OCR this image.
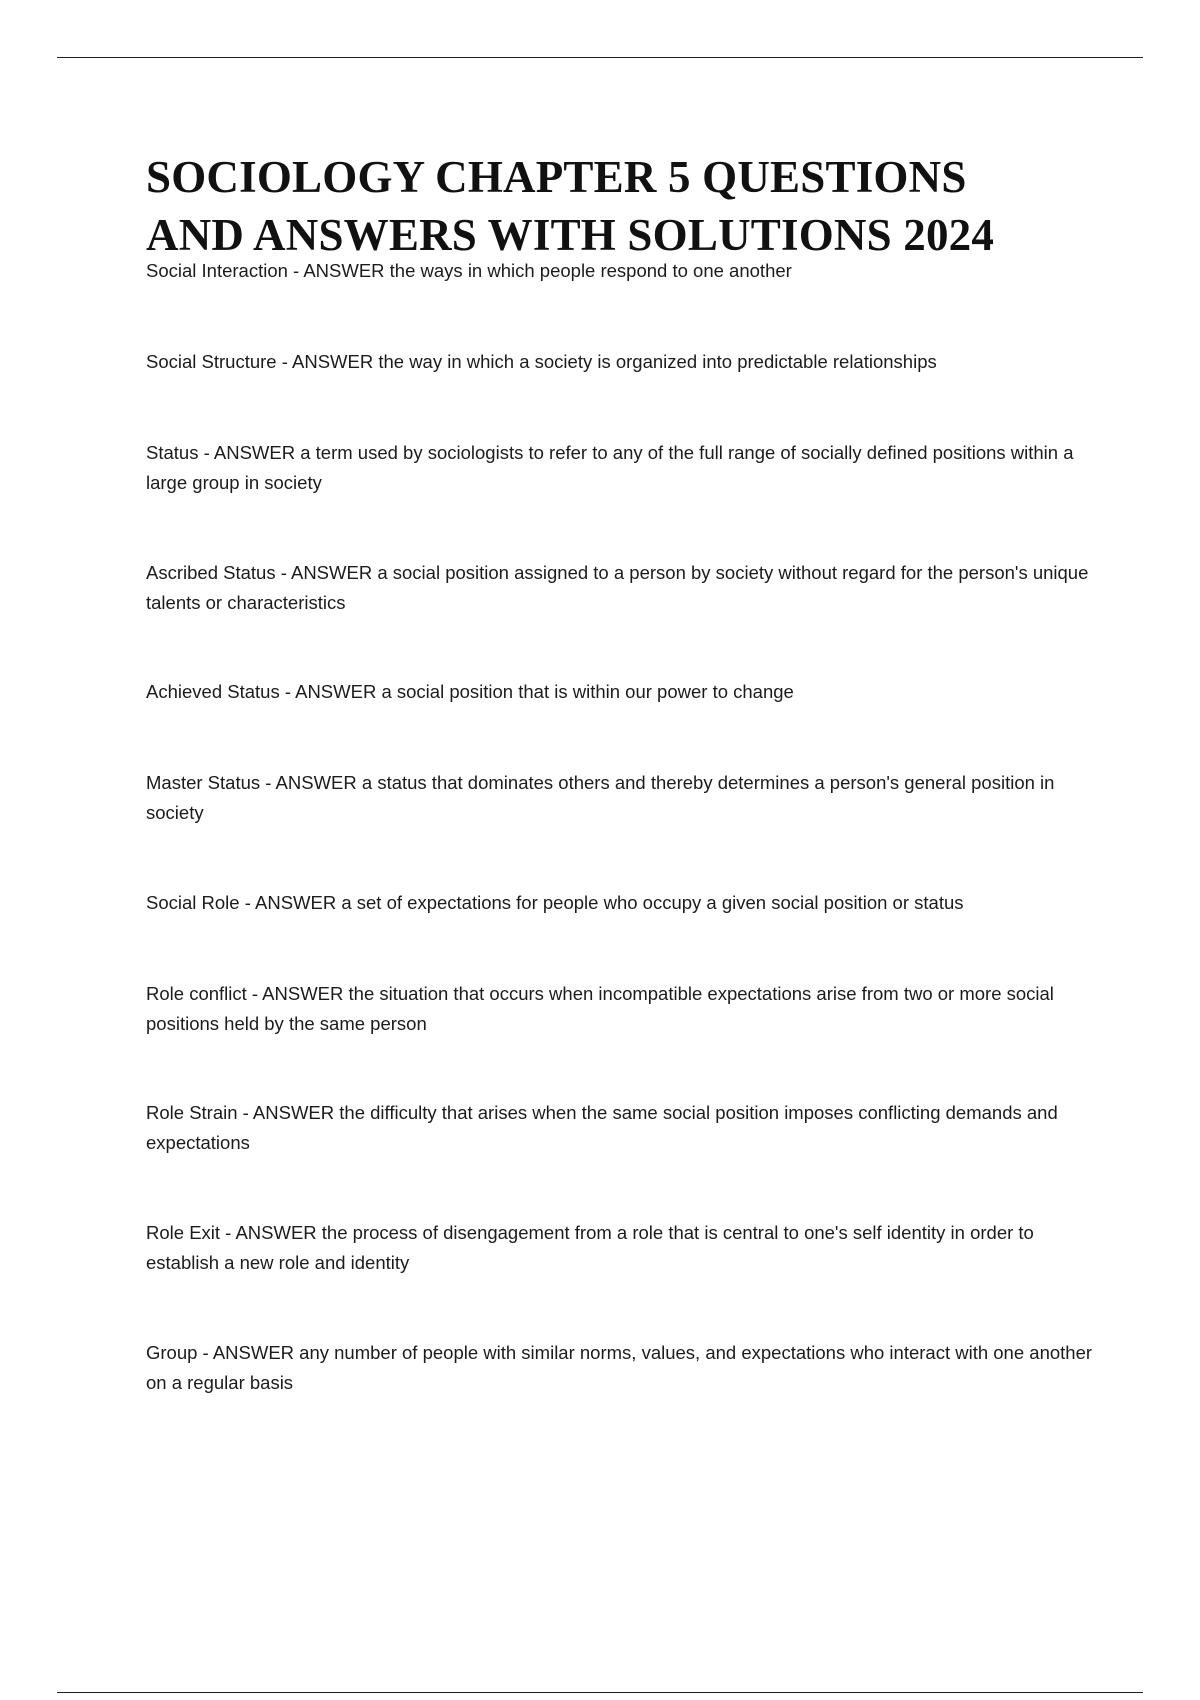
SOCIOLOGY CHAPTER 5 QUESTIONS
AND ANSWERS WITH SOLUTIONS 2024
Social Interaction - ANSWER the ways in which people respond to one another
Social Structure - ANSWER the way in which a society is organized into predictable relationships
Status - ANSWER a term used by sociologists to refer to any of the full range of socially defined positions within a large group in society
Ascribed Status - ANSWER a social position assigned to a person by society without regard for the person's unique talents or characteristics
Achieved Status - ANSWER a social position that is within our power to change
Master Status - ANSWER a status that dominates others and thereby determines a person's general position in society
Social Role - ANSWER a set of expectations for people who occupy a given social position or status
Role conflict - ANSWER the situation that occurs when incompatible expectations arise from two or more social positions held by the same person
Role Strain - ANSWER the difficulty that arises when the same social position imposes conflicting demands and expectations
Role Exit - ANSWER the process of disengagement from a role that is central to one's self identity in order to establish a new role and identity
Group - ANSWER any number of people with similar norms, values, and expectations who interact with one another on a regular basis
